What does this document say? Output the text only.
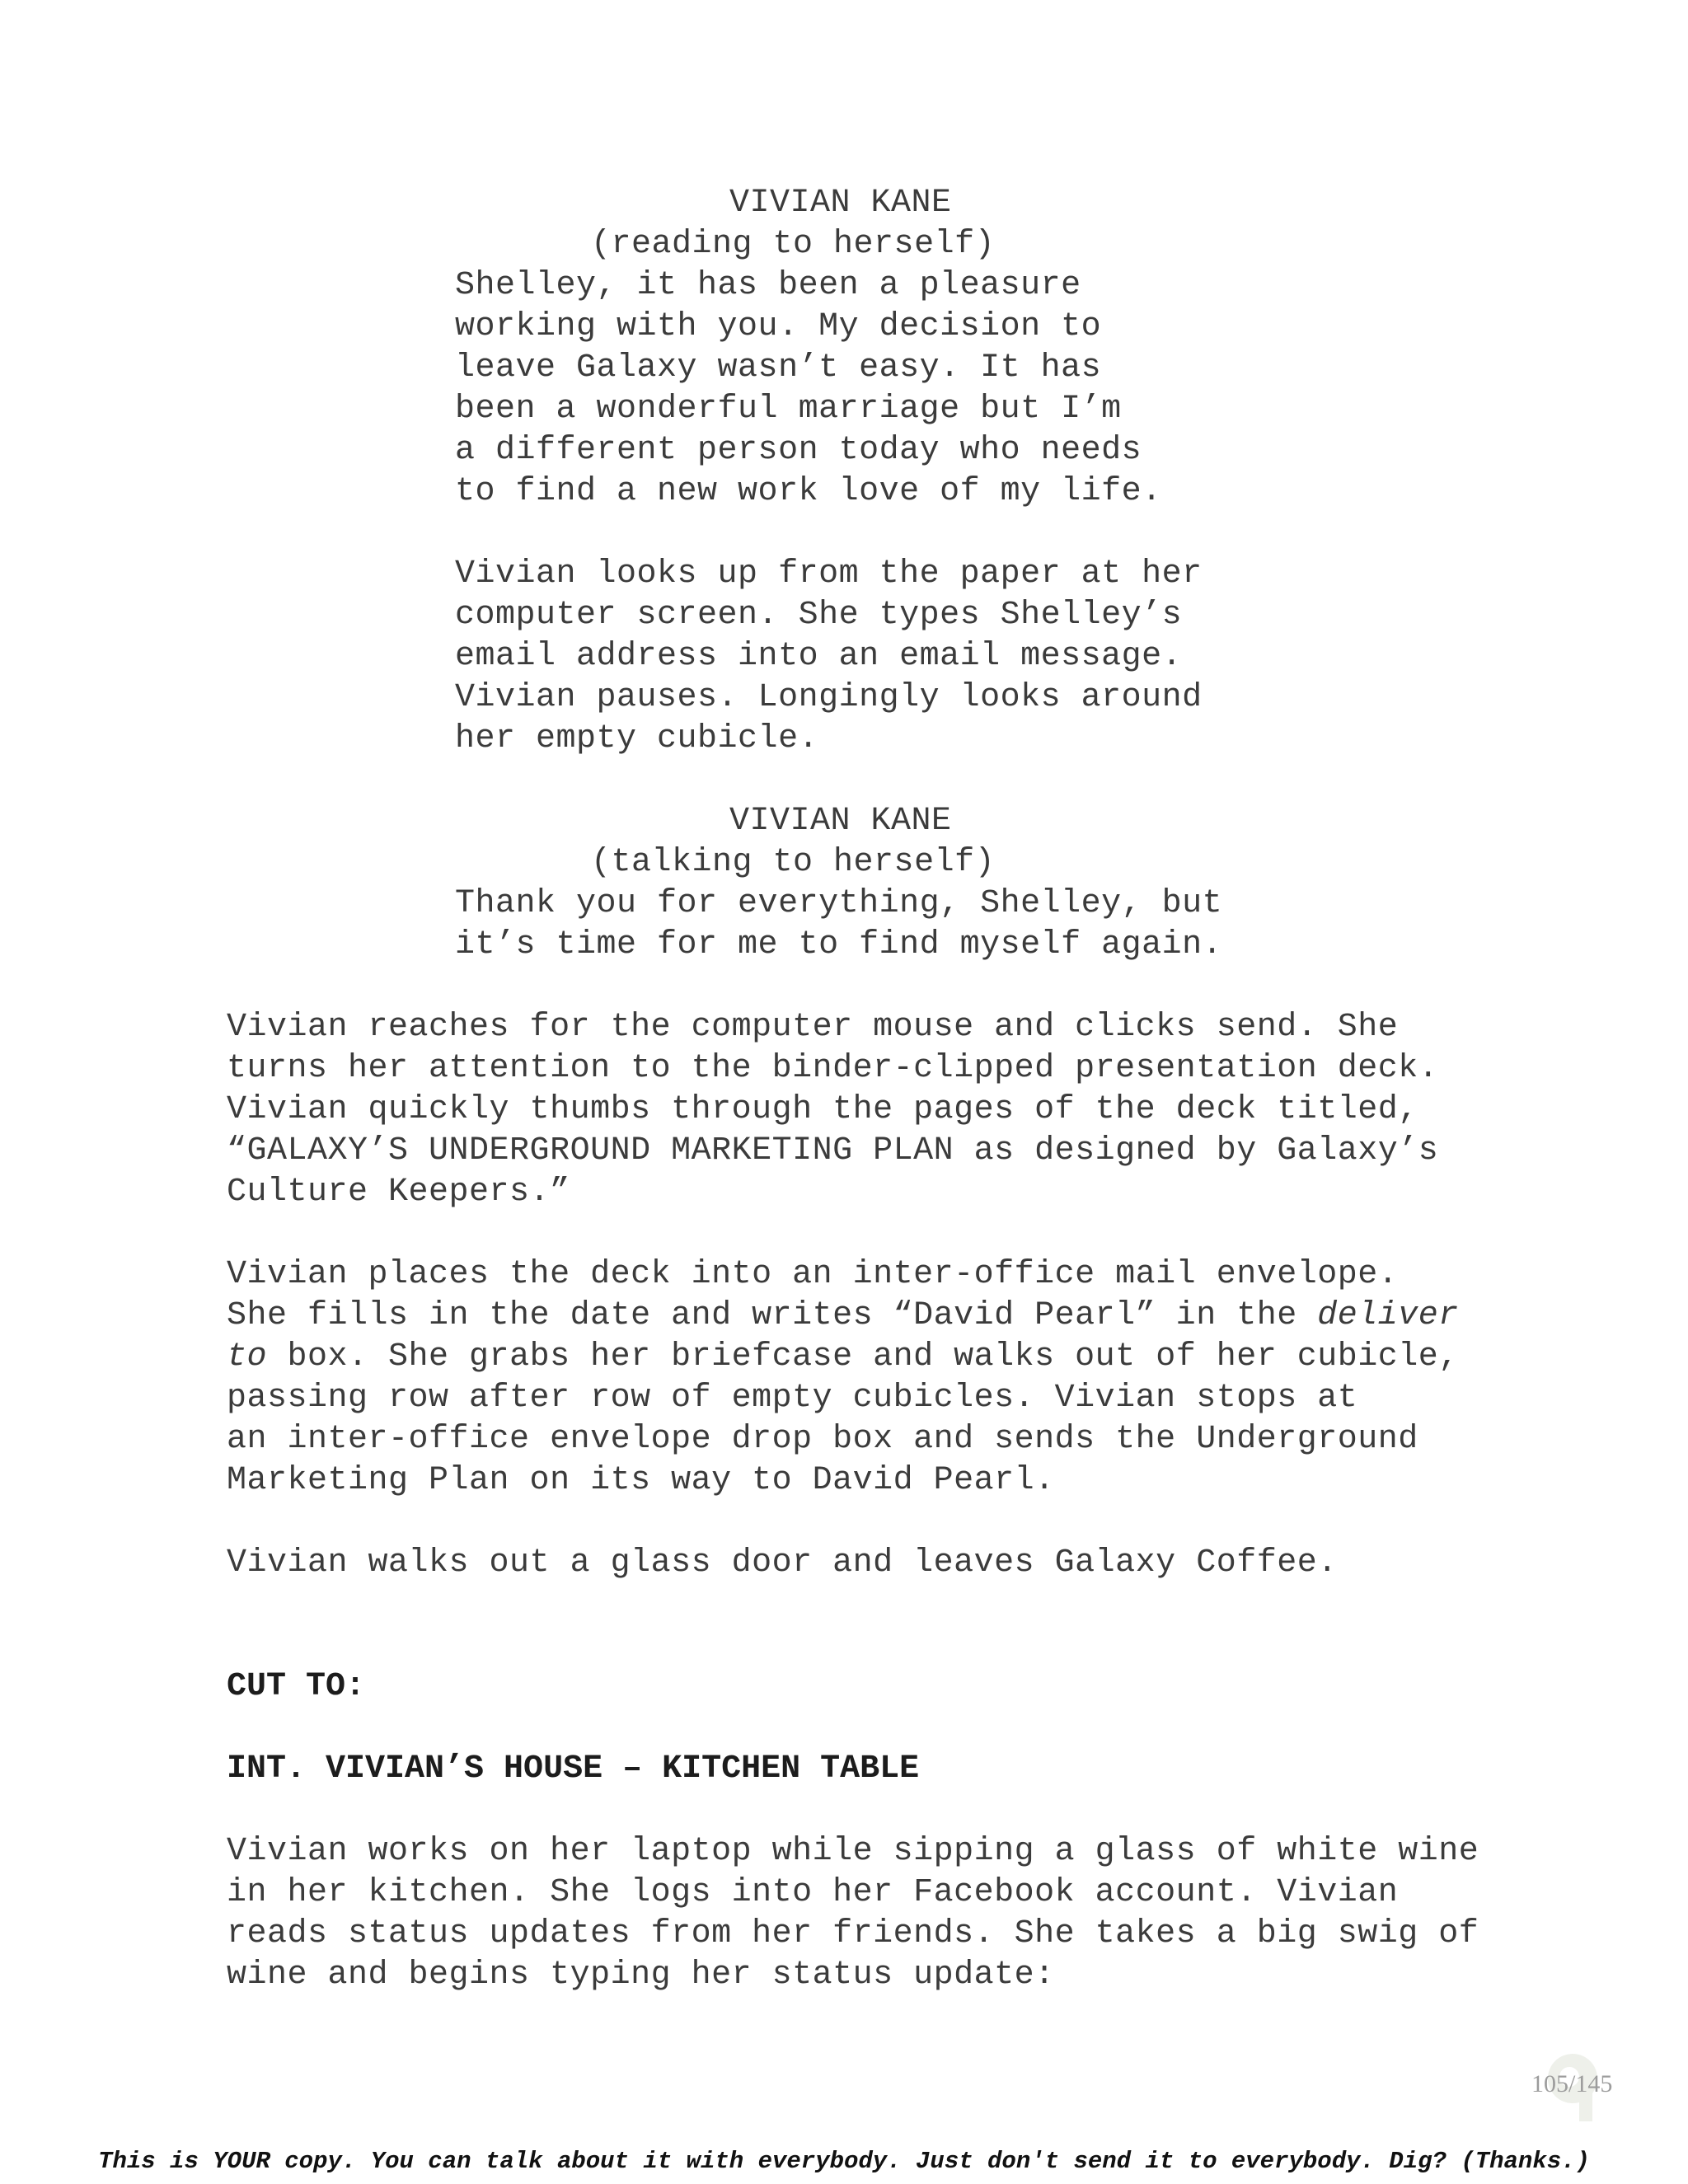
VIVIAN KANE
(reading to herself)
Shelley, it has been a pleasure
working with you. My decision to
leave Galaxy wasn’t easy. It has
been a wonderful marriage but I’m
a different person today who needs
to find a new work love of my life.
Vivian looks up from the paper at her
computer screen. She types Shelley’s
email address into an email message.
Vivian pauses. Longingly looks around
her empty cubicle.
VIVIAN KANE
(talking to herself)
Thank you for everything, Shelley, but
it’s time for me to find myself again.
Vivian reaches for the computer mouse and clicks send. She
turns her attention to the binder-clipped presentation deck.
Vivian quickly thumbs through the pages of the deck titled,
“GALAXY’S UNDERGROUND MARKETING PLAN as designed by Galaxy’s
Culture Keepers.”
Vivian places the deck into an inter-office mail envelope.
She fills in the date and writes “David Pearl” in the deliver
to box. She grabs her briefcase and walks out of her cubicle,
passing row after row of empty cubicles. Vivian stops at
an inter-office envelope drop box and sends the Underground
Marketing Plan on its way to David Pearl.
Vivian walks out a glass door and leaves Galaxy Coffee.
CUT TO:
INT. VIVIAN’S HOUSE – KITCHEN TABLE
Vivian works on her laptop while sipping a glass of white wine
in her kitchen. She logs into her Facebook account. Vivian
reads status updates from her friends. She takes a big swig of
wine and begins typing her status update:
105/145
This is YOUR copy. You can talk about it with everybody. Just don't send it to everybody. Dig? (Thanks.)
